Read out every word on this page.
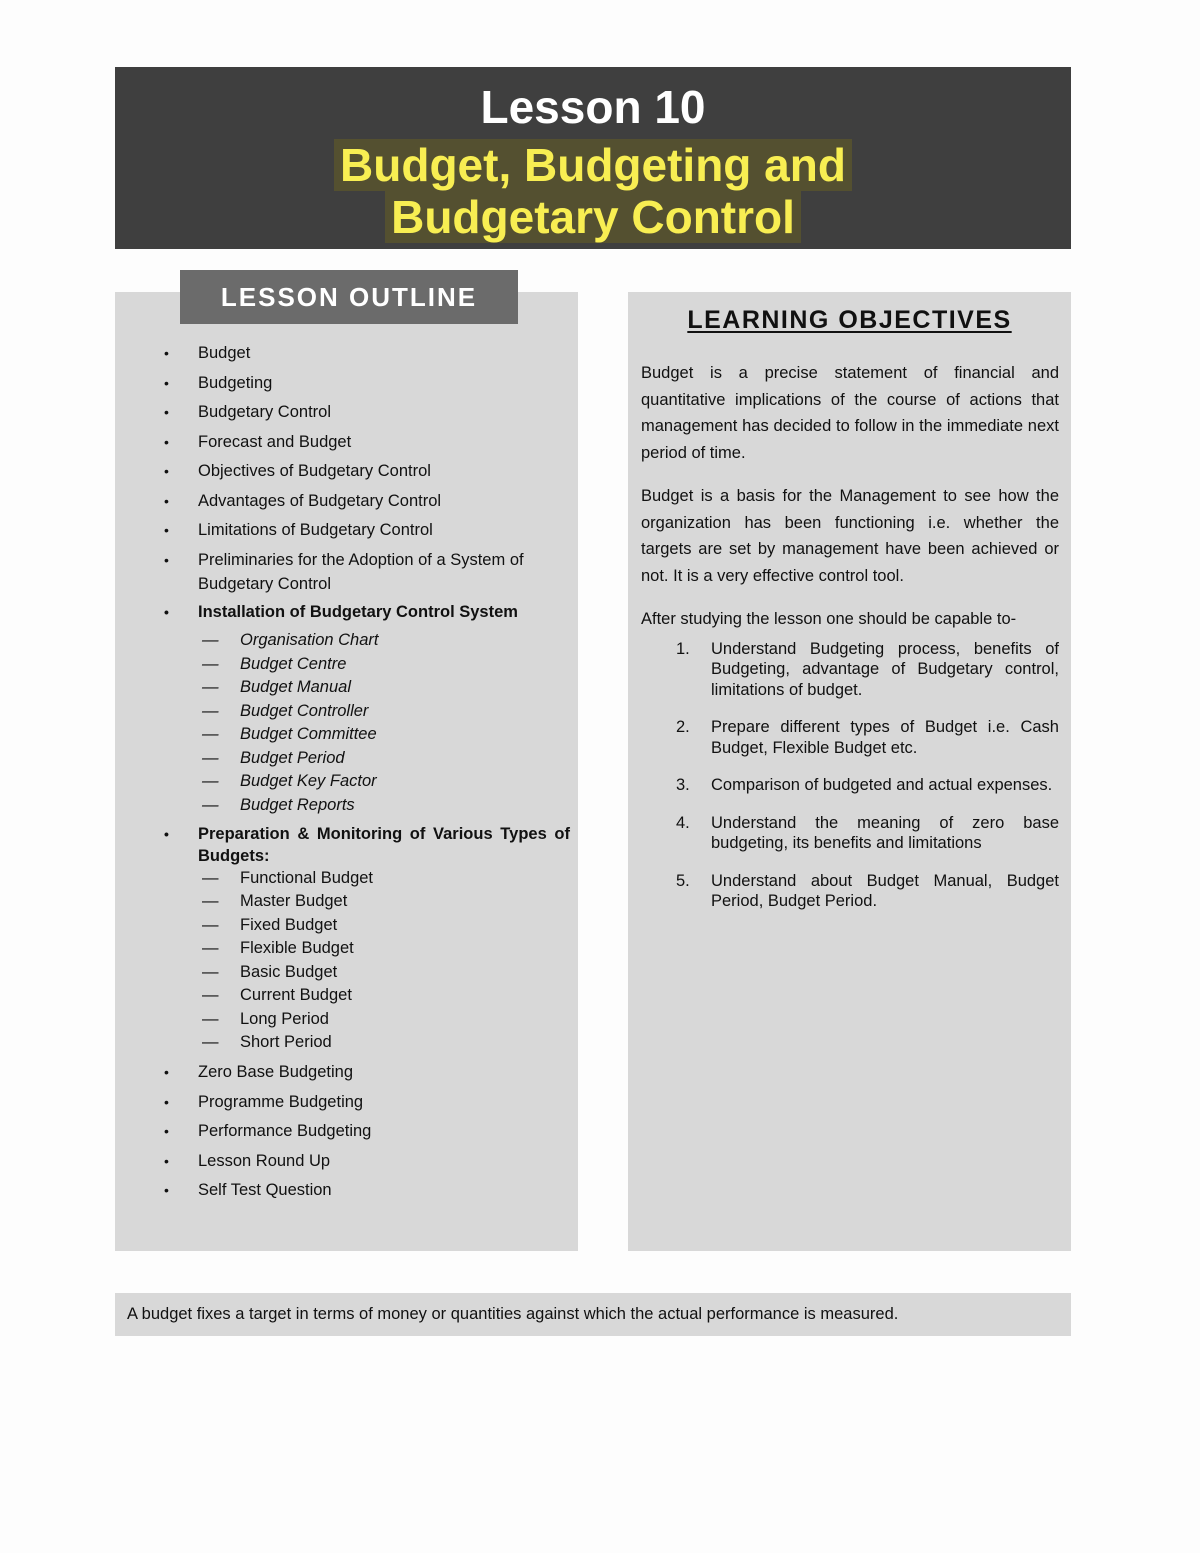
Lesson 10
Budget, Budgeting and
Budgetary Control
LESSON OUTLINE
• Budget
• Budgeting
• Budgetary Control
• Forecast and Budget
• Objectives of Budgetary Control
• Advantages of Budgetary Control
• Limitations of Budgetary Control
• Preliminaries for the Adoption of a System of Budgetary Control
• Installation of Budgetary Control System
— Organisation Chart
— Budget Centre
— Budget Manual
— Budget Controller
— Budget Committee
— Budget Period
— Budget Key Factor
— Budget Reports
• Preparation & Monitoring of Various Types of Budgets:
— Functional Budget
— Master Budget
— Fixed Budget
— Flexible Budget
— Basic Budget
— Current Budget
— Long Period
— Short Period
• Zero Base Budgeting
• Programme Budgeting
• Performance Budgeting
• Lesson Round Up
• Self Test Question
LEARNING OBJECTIVES

Budget is a precise statement of financial and quantitative implications of the course of actions that management has decided to follow in the immediate next period of time.

Budget is a basis for the Management to see how the organization has been functioning i.e. whether the targets are set by management have been achieved or not. It is a very effective control tool.

After studying the lesson one should be capable to-

1. Understand Budgeting process, benefits of Budgeting, advantage of Budgetary control, limitations of budget.
2. Prepare different types of Budget i.e. Cash Budget, Flexible Budget etc.
3. Comparison of budgeted and actual expenses.
4. Understand the meaning of zero base budgeting, its benefits and limitations
5. Understand about Budget Manual, Budget Period, Budget Period.
A budget fixes a target in terms of money or quantities against which the actual performance is measured.
